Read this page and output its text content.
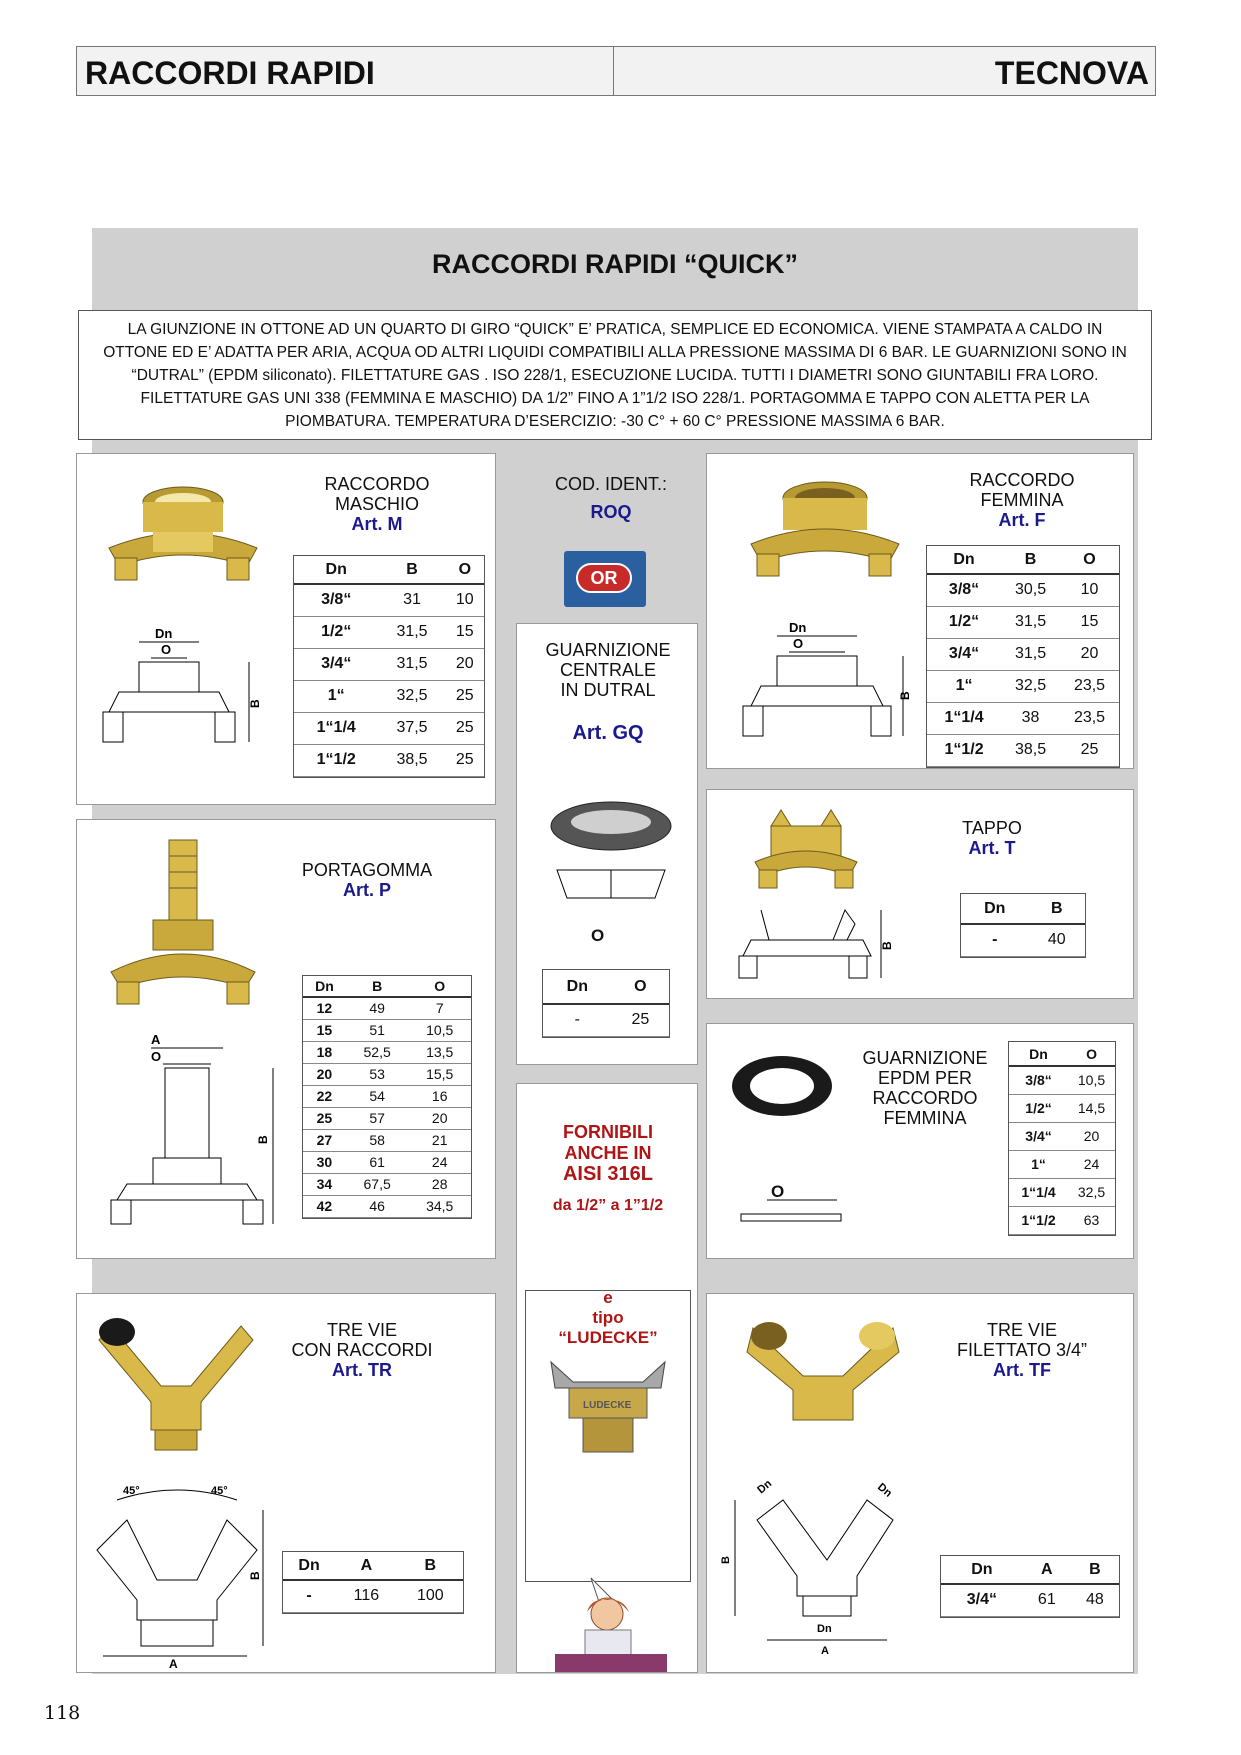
RACCORDI RAPIDI	TECNOVA
RACCORDI RAPIDI “QUICK”
LA GIUNZIONE IN OTTONE AD UN QUARTO DI GIRO “QUICK” E’ PRATICA, SEMPLICE ED ECONOMICA. VIENE STAMPATA A CALDO IN OTTONE ED E’ ADATTA PER ARIA, ACQUA OD ALTRI LIQUIDI COMPATIBILI ALLA PRESSIONE MASSIMA DI 6 BAR. LE GUARNIZIONI SONO IN “DUTRAL” (EPDM siliconato). FILETTATURE GAS . ISO 228/1, ESECUZIONE LUCIDA. TUTTI I DIAMETRI SONO GIUNTABILI FRA LORO. FILETTATURE GAS UNI 338 (FEMMINA E MASCHIO) DA 1/2” FINO A 1”1/2 ISO 228/1. PORTAGOMMA E TAPPO CON ALETTA PER LA PIOMBATURA. TEMPERATURA D’ESERCIZIO: -30 C° + 60 C° PRESSIONE MASSIMA 6 BAR.
RACCORDO
MASCHIO
Art. M
Dn
O
B
Dn	B	O
3/8“	31	10
1/2“	31,5	15
3/4“	31,5	20
1“	32,5	25
1“1/4	37,5	25
1“1/2	38,5	25
COD. IDENT.:
ROQ
OR
GUARNIZIONE
CENTRALE
IN DUTRAL
Art. GQ
O
Dn	O
-	25
FORNIBILI
ANCHE IN
AISI 316L
da 1/2” a 1”1/2
e
tipo
“LUDECKE”
LUDECKE
RACCORDO
FEMMINA
Art. F
Dn
O
B
Dn	B	O
3/8“	30,5	10
1/2“	31,5	15
3/4“	31,5	20
1“	32,5	23,5
1“1/4	38	23,5
1“1/2	38,5	25
PORTAGOMMA
Art. P
A
O
B
Dn	B	O
12	49	7
15	51	10,5
18	52,5	13,5
20	53	15,5
22	54	16
25	57	20
27	58	21
30	61	24
34	67,5	28
42	46	34,5
TAPPO
Art. T
B
Dn	B
-	40
O
GUARNIZIONE
EPDM PER
RACCORDO
FEMMINA
Dn	O
3/8“	10,5
1/2“	14,5
3/4“	20
1“	24
1“1/4	32,5
1“1/2	63
TRE VIE
CON RACCORDI
Art. TR
45°	45°
A
B
Dn	A	B
-	116	100
TRE VIE
FILETTATO 3/4”
Art. TF
Dn	Dn
Dn
A
B
Dn	A	B
3/4“	61	48
118
